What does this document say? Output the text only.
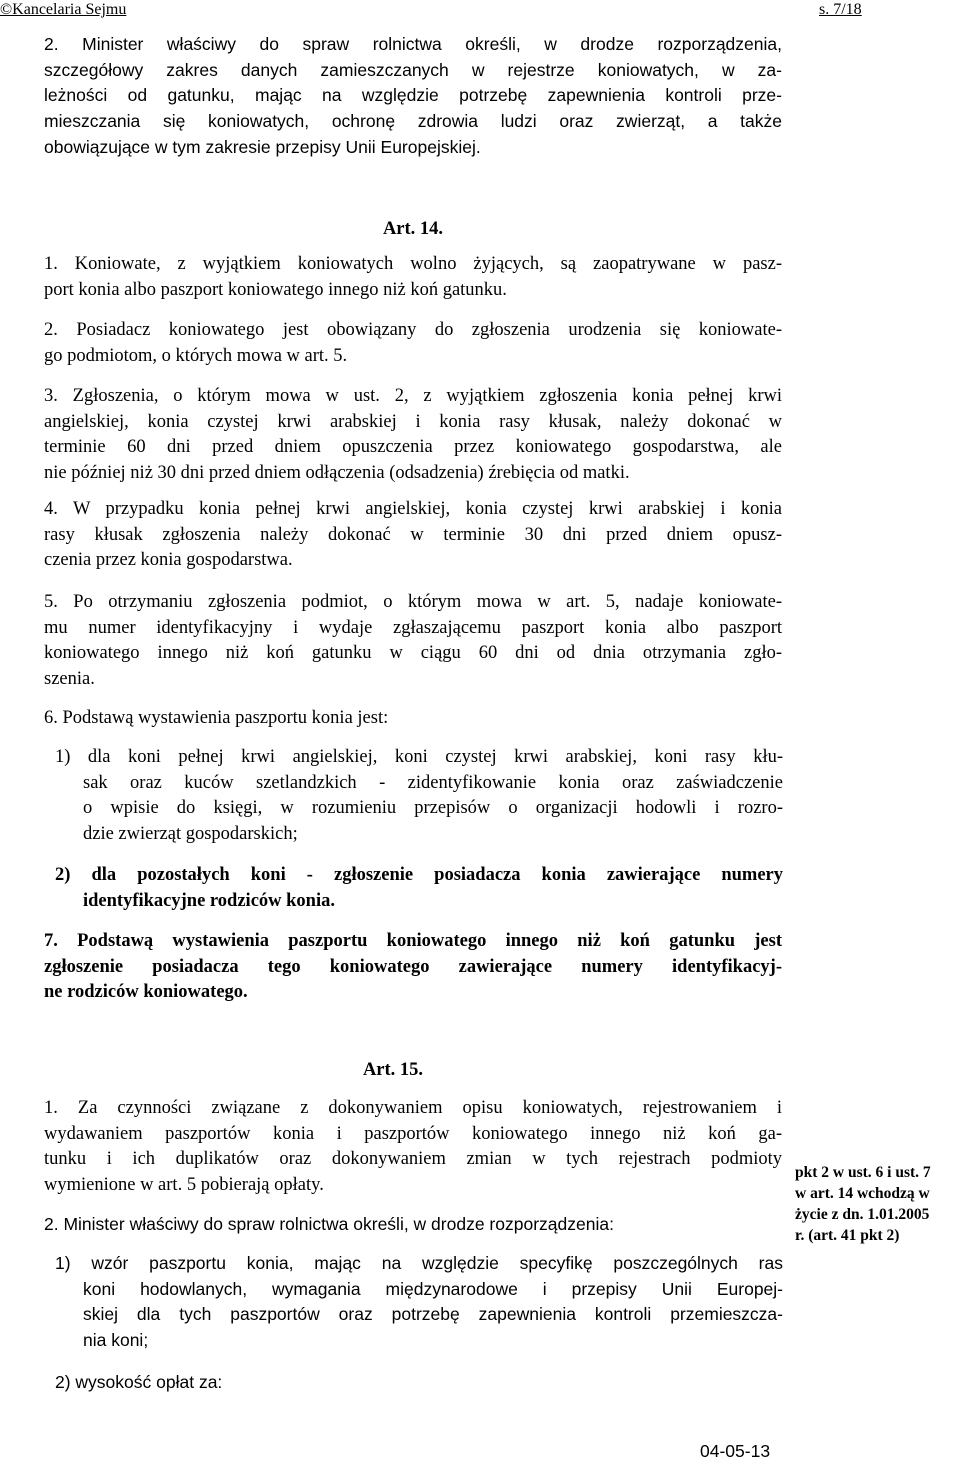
©Kancelaria Sejmu	s. 7/18
2. Minister właściwy do spraw rolnictwa określi, w drodze rozporządzenia,
szczegółowy zakres danych zamieszczanych w rejestrze koniowatych, w za-
leżności od gatunku, mając na względzie potrzebę zapewnienia kontroli prze-
mieszczania się koniowatych, ochronę zdrowia ludzi oraz zwierząt, a także
obowiązujące w tym zakresie przepisy Unii Europejskiej.
Art. 14.
1. Koniowate, z wyjątkiem koniowatych wolno żyjących, są zaopatrywane w pasz-
port konia albo paszport koniowatego innego niż koń gatunku.
2. Posiadacz koniowatego jest obowiązany do zgłoszenia urodzenia się koniowate-
go podmiotom, o których mowa w art. 5.
3. Zgłoszenia, o którym mowa w ust. 2, z wyjątkiem zgłoszenia konia pełnej krwi
angielskiej, konia czystej krwi arabskiej i konia rasy kłusak, należy dokonać w
terminie 60 dni przed dniem opuszczenia przez koniowatego gospodarstwa, ale
nie później niż 30 dni przed dniem odłączenia (odsadzenia) źrebięcia od matki.
4. W przypadku konia pełnej krwi angielskiej, konia czystej krwi arabskiej i konia
rasy kłusak zgłoszenia należy dokonać w terminie 30 dni przed dniem opusz-
czenia przez konia gospodarstwa.
5. Po otrzymaniu zgłoszenia podmiot, o którym mowa w art. 5, nadaje koniowate-
mu numer identyfikacyjny i wydaje zgłaszającemu paszport konia albo paszport
koniowatego innego niż koń gatunku w ciągu 60 dni od dnia otrzymania zgło-
szenia.
6. Podstawą wystawienia paszportu konia jest:
1) dla koni pełnej krwi angielskiej, koni czystej krwi arabskiej, koni rasy kłu-
sak oraz kuców szetlandzkich - zidentyfikowanie konia oraz zaświadczenie
o wpisie do księgi, w rozumieniu przepisów o organizacji hodowli i rozro-
dzie zwierząt gospodarskich;
2) dla pozostałych koni - zgłoszenie posiadacza konia zawierające numery
identyfikacyjne rodziców konia.
7. Podstawą wystawienia paszportu koniowatego innego niż koń gatunku jest
zgłoszenie posiadacza tego koniowatego zawierające numery identyfikacyj-
ne rodziców koniowatego.
Art. 15.
1. Za czynności związane z dokonywaniem opisu koniowatych, rejestrowaniem i
wydawaniem paszportów konia i paszportów koniowatego innego niż koń ga-
tunku i ich duplikatów oraz dokonywaniem zmian w tych rejestrach podmioty
wymienione w art. 5 pobierają opłaty.
2. Minister właściwy do spraw rolnictwa określi, w drodze rozporządzenia:
1) wzór paszportu konia, mając na względzie specyfikę poszczególnych ras
koni hodowlanych, wymagania międzynarodowe i przepisy Unii Europej-
skiej dla tych paszportów oraz potrzebę zapewnienia kontroli przemieszcza-
nia koni;
2) wysokość opłat za:
pkt 2 w ust. 6 i ust. 7
w art. 14 wchodzą w
życie z dn. 1.01.2005
r. (art. 41 pkt 2)
04-05-13
